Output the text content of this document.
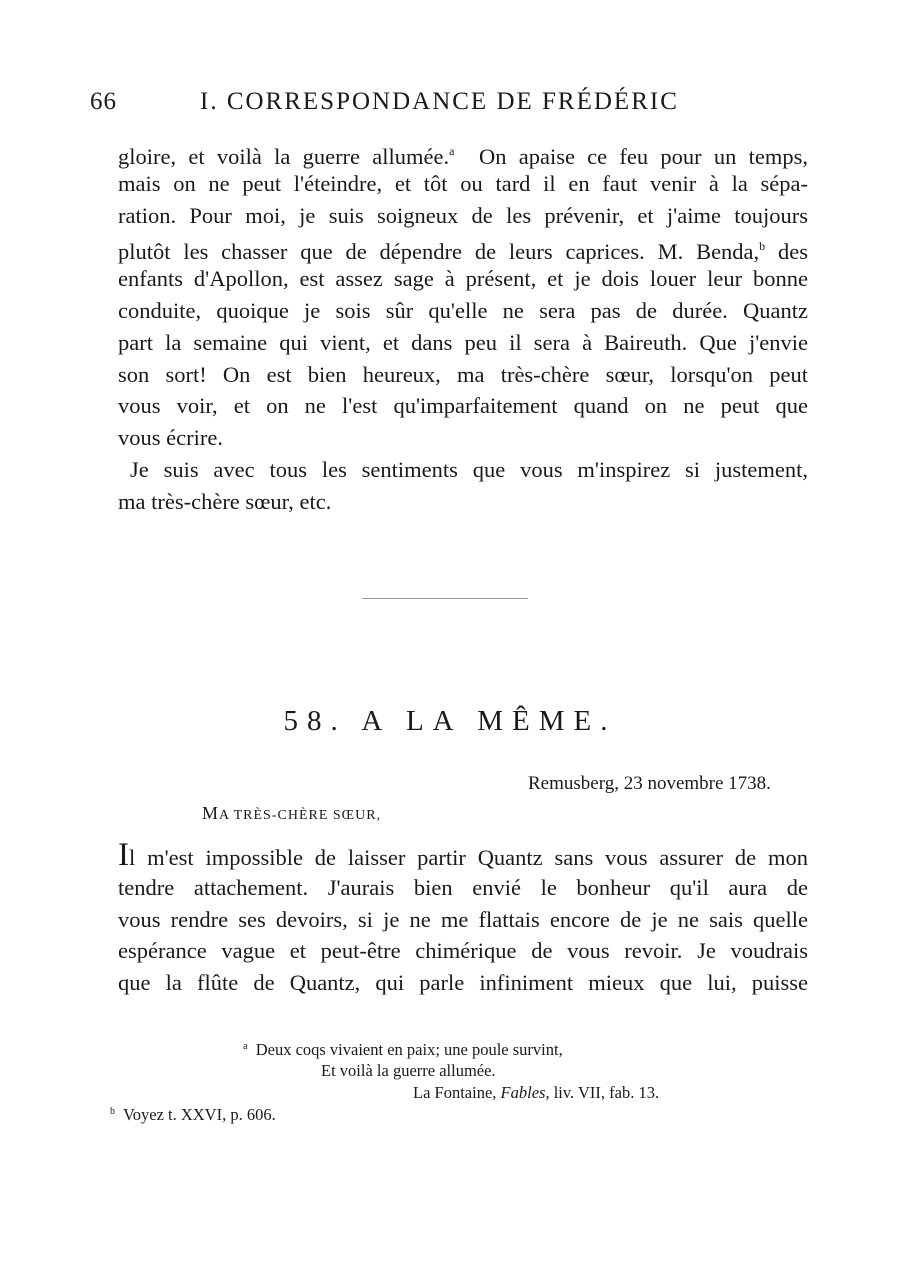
66	I. CORRESPONDANCE DE FRÉDÉRIC
gloire, et voilà la guerre allumée.$^a$ On apaise ce feu pour un temps,
mais on ne peut l'éteindre, et tôt ou tard il en faut venir à la sépa-
ration. Pour moi, je suis soigneux de les prévenir, et j'aime toujours
plutôt les chasser que de dépendre de leurs caprices. M. Benda,$^b$ des
enfants d'Apollon, est assez sage à présent, et je dois louer leur bonne
conduite, quoique je sois sûr qu'elle ne sera pas de durée. Quantz
part la semaine qui vient, et dans peu il sera à Baireuth. Que j'envie
son sort! On est bien heureux, ma très-chère sœur, lorsqu'on peut
vous voir, et on ne l'est qu'imparfaitement quand on ne peut que
vous écrire.
Je suis avec tous les sentiments que vous m'inspirez si justement,
ma très-chère sœur, etc.
58. A LA MÊME.
Remusberg, 23 novembre 1738.
MA TRÈS-CHÈRE SŒUR,
Il m'est impossible de laisser partir Quantz sans vous assurer de mon
tendre attachement. J'aurais bien envié le bonheur qu'il aura de
vous rendre ses devoirs, si je ne me flattais encore de je ne sais quelle
espérance vague et peut-être chimérique de vous revoir. Je voudrais
que la flûte de Quantz, qui parle infiniment mieux que lui, puisse
$^a$ Deux coqs vivaient en paix; une poule survint,
Et voilà la guerre allumée.
La Fontaine, Fables, liv. VII, fab. 13.
$^b$ Voyez t. XXVI, p. 606.
